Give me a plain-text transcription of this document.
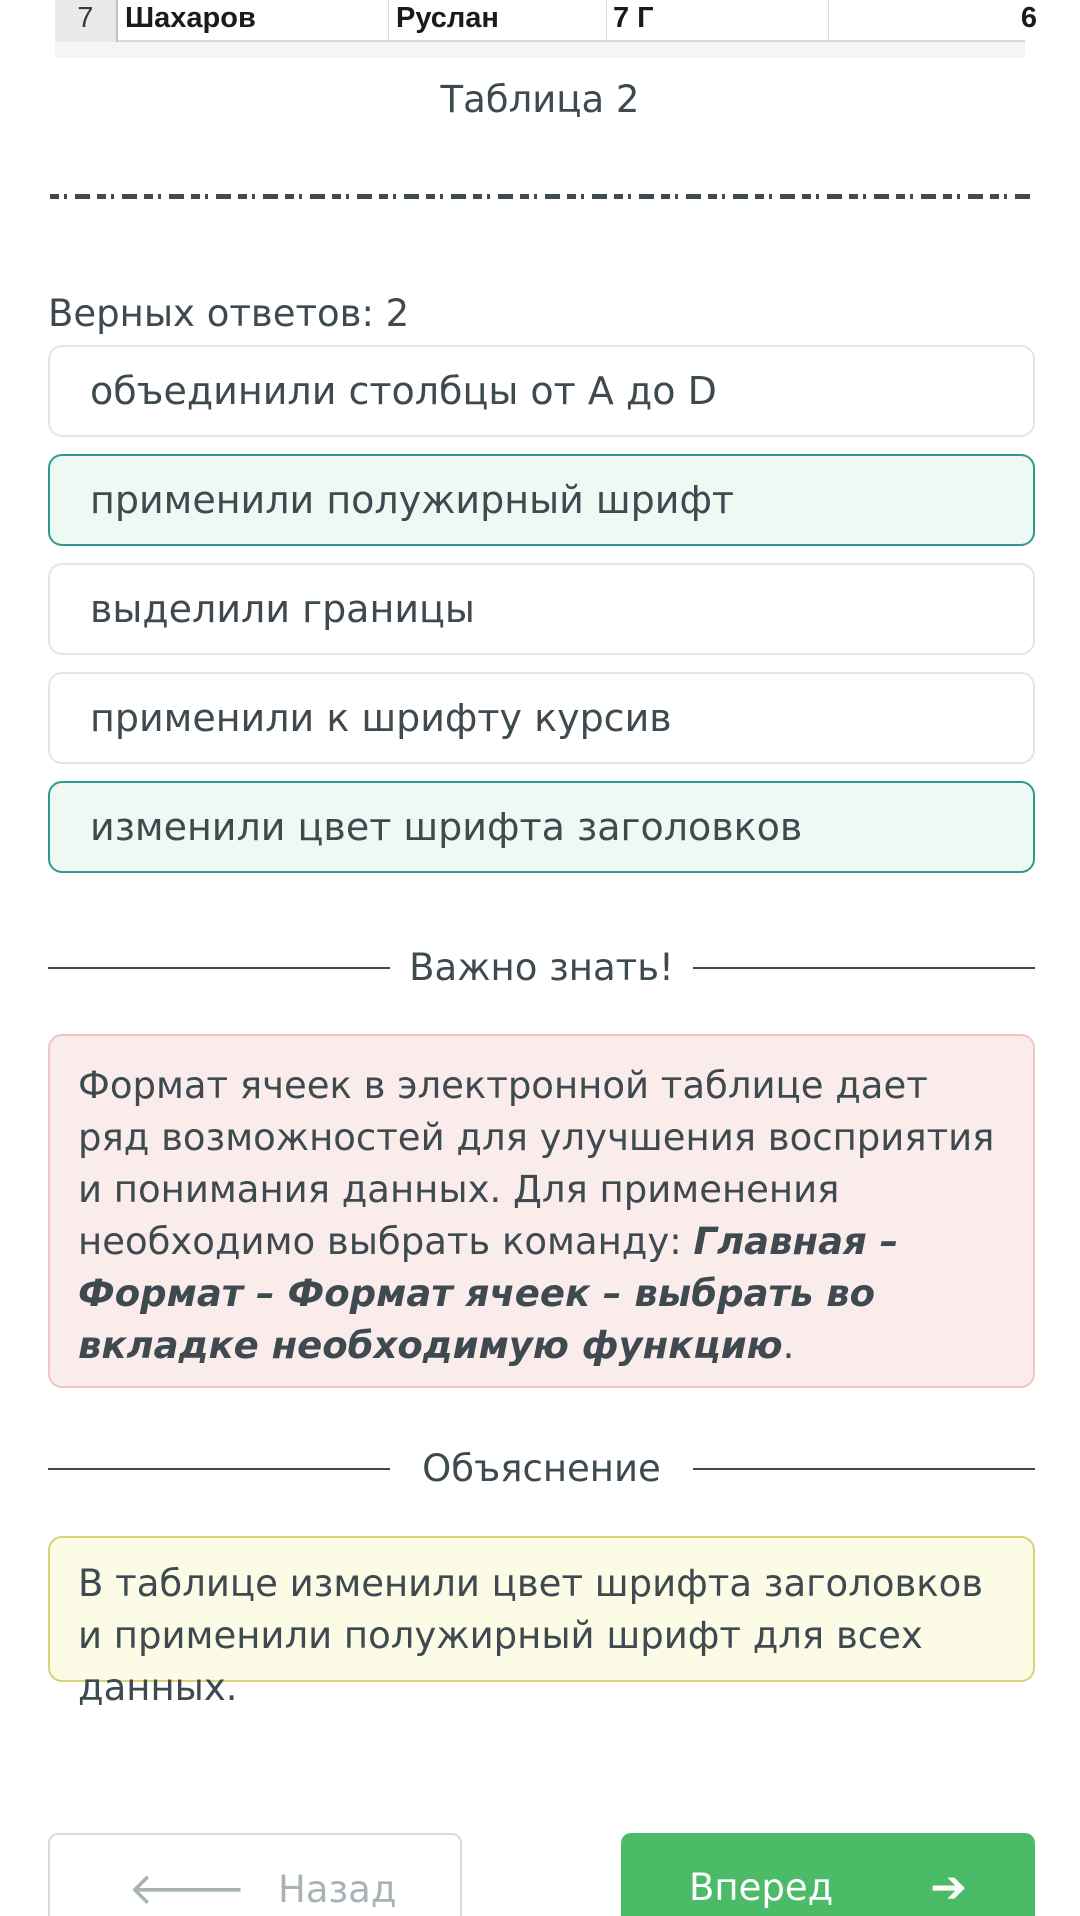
7	Шахаров	Руслан	7 Г	6
Таблица 2
Верных ответов: 2
объединили столбцы от А до D
применили полужирный шрифт
выделили границы
применили к шрифту курсив
изменили цвет шрифта заголовков
Важно знать!
Формат ячеек в электронной таблице дает ряд возможностей для улучшения восприятия и понимания данных. Для применения необходимо выбрать команду: Главная – Формат – Формат ячеек – выбрать во вкладке необходимую функцию.
Объяснение
В таблице изменили цвет шрифта заголовков и применили полужирный шрифт для всех данных.
🡐 Назад	Вперед ➔
